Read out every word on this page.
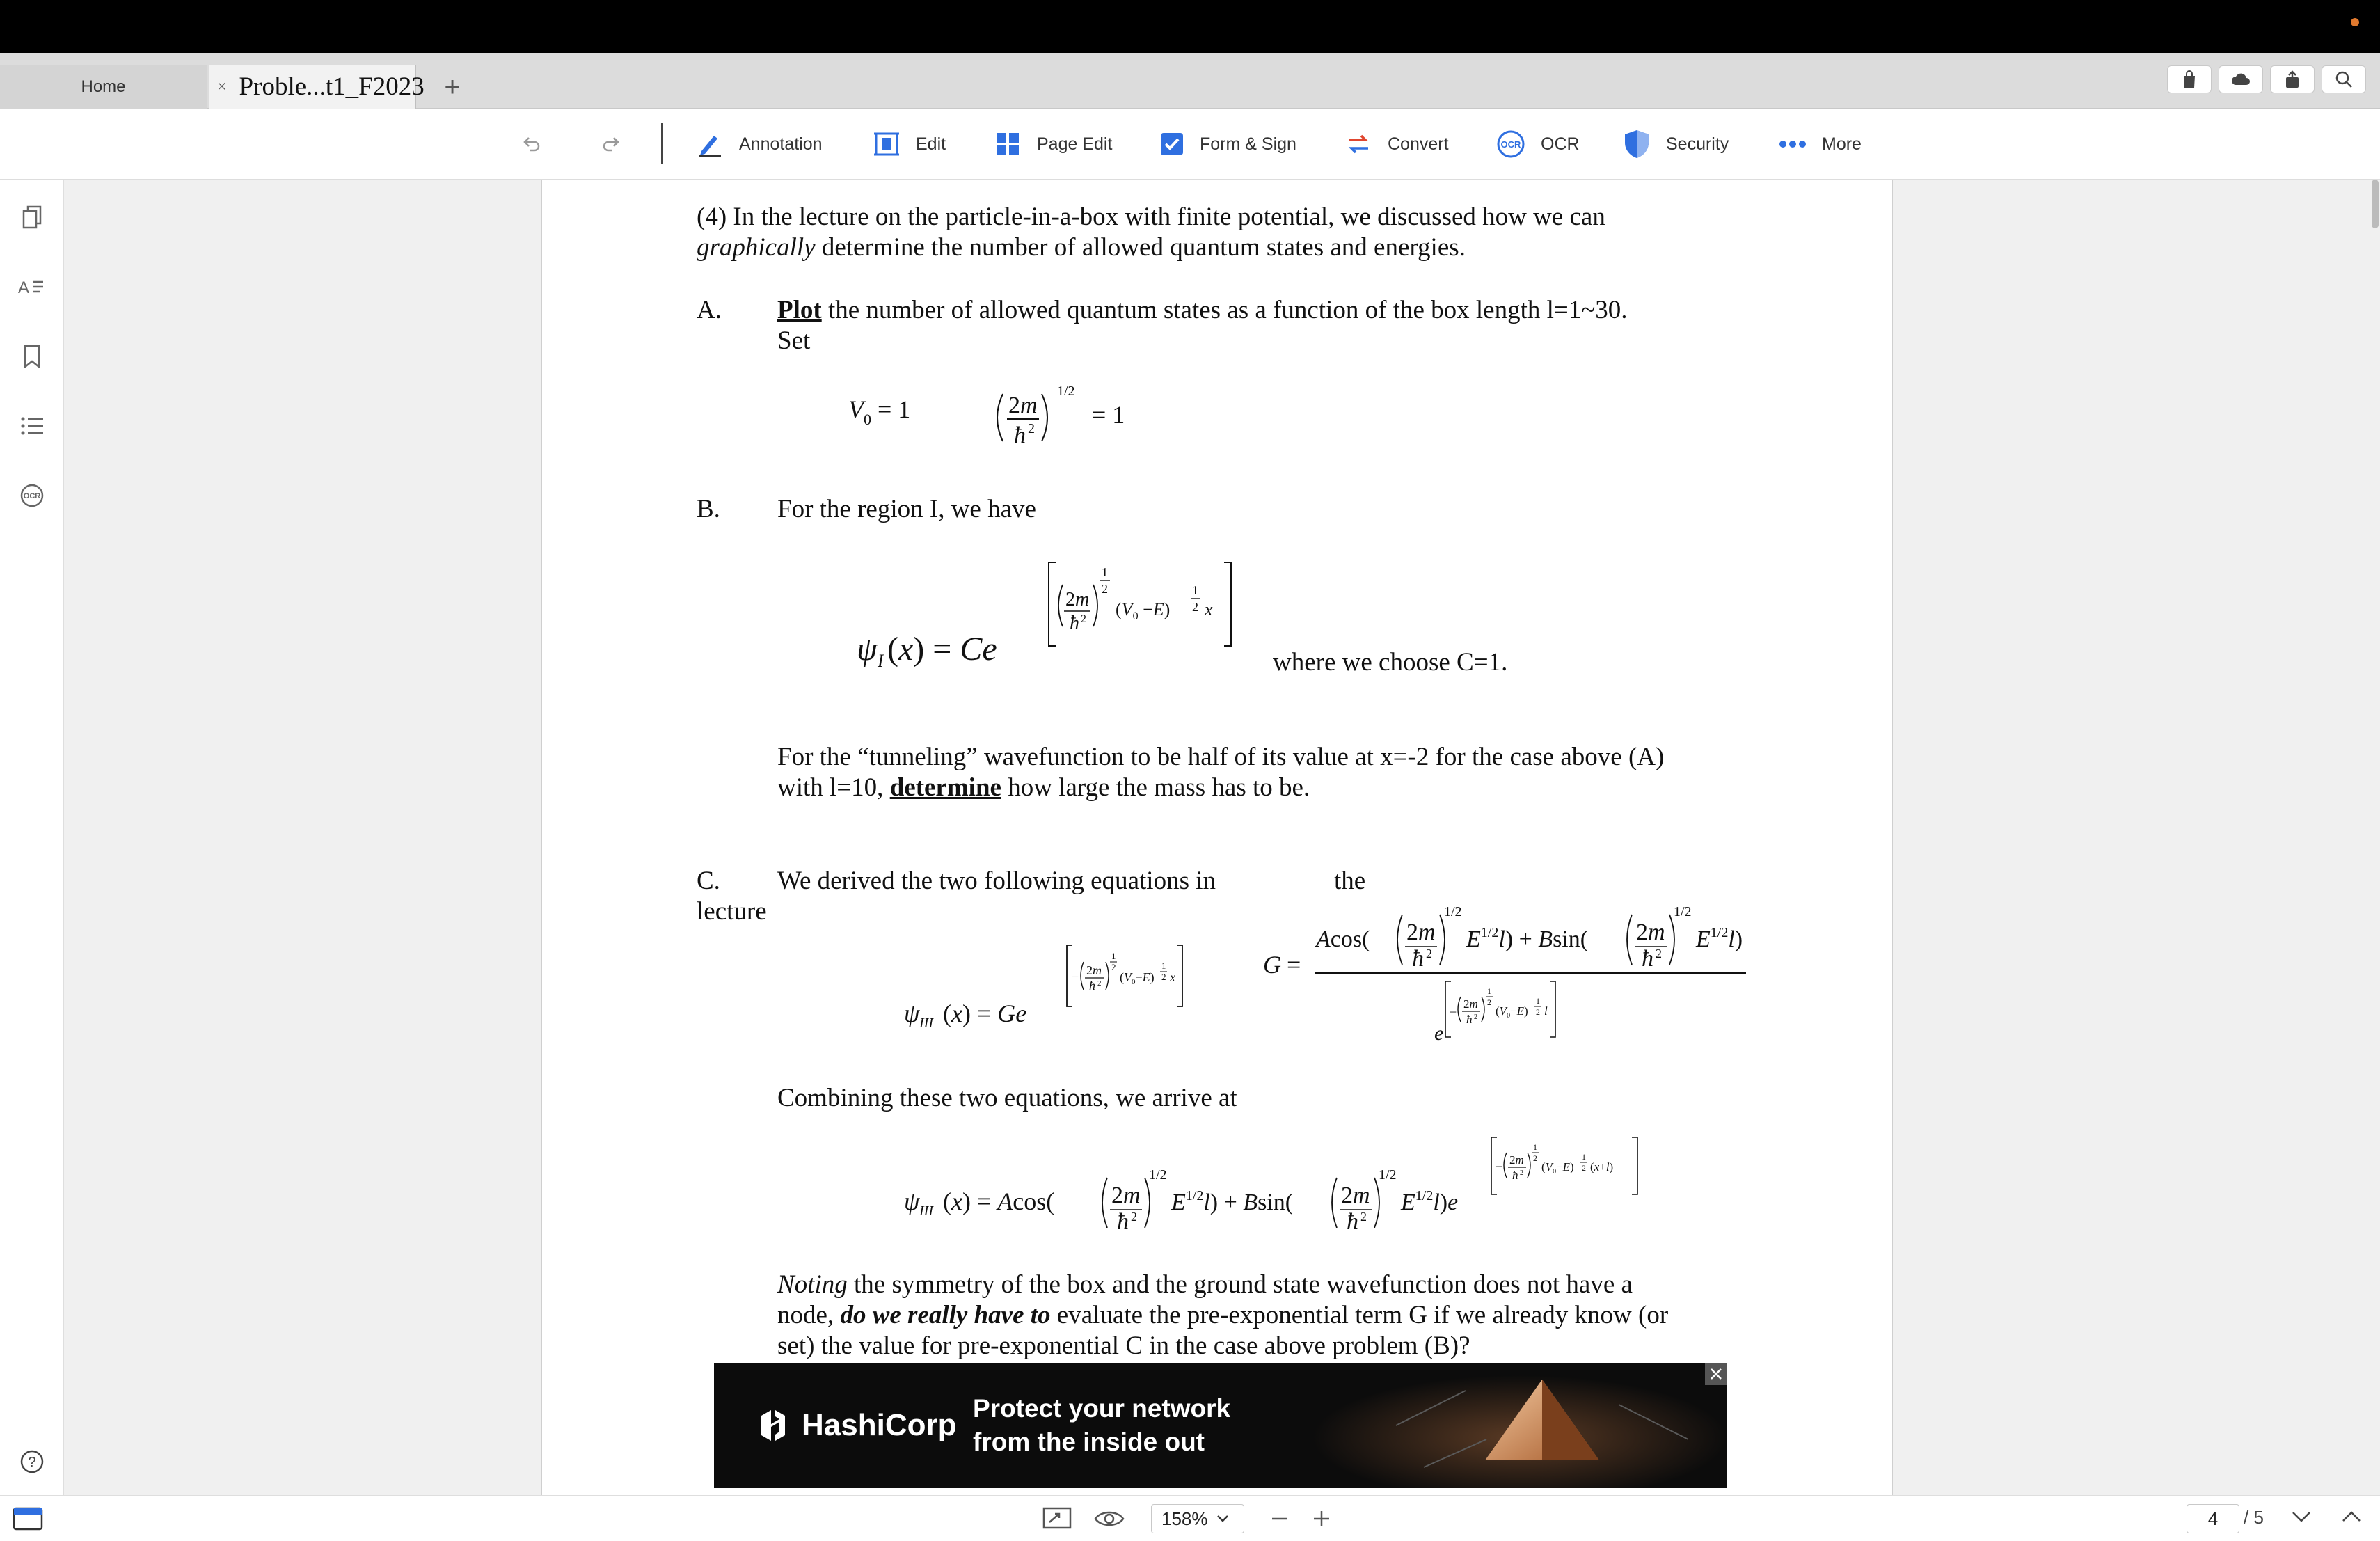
Home	× Proble...t1_F2023 +
Annotation	Edit	Page Edit	Form & Sign	Convert	OCR OCR	Security	More
A
OCR
?
(4) In the lecture on the particle-in-a-box with finite potential, we discussed how we can
graphically determine the number of allowed quantum states and energies.
A. Plot the number of allowed quantum states as a function of the box length l=1~30.
Set
V 0 = 1	2m
ħ 2
1/2
= 1
B. For the region I, we have
ψ I (x) = Ce
2m
ħ 2
1
2
$(V_0 -E)$
1
2 x
where we choose C=1.
For the “tunneling” wavefunction to be half of its value at x=-2 for the case above (A)
with l=10, determine how large the mass has to be.
C. We derived the two following equations in	the
lecture
ψ III (x) = Ge
− 2m
ħ 2
1
2
$(V_0-E)$
1
2 x	G =
Acos( 2m
ħ 2
1/2
$E^{1/2}l) + Bsin$( 2m
ħ 2
1/2
$E^{1/2}l$)
e
−
2m
ħ 2
1
2
$(V_0-E)$
1
2 l
Combining these two equations, we arrive at
ψ III (x) = Acos( 2m
ħ 2
1/2
$E^{1/2}l) + Bsin$( 2m
ħ 2
1/2
$E^{1/2}l)e$
− 2m
ħ 2
1
2
$(V_0-E)$
1
2 (x+l)
Noting the symmetry of the box and the ground state wavefunction does not have a
node, do we really have to evaluate the pre-exponential term G if we already know (or
set) the value for pre-exponential C in the case above problem (B)?
HashiCorp Protect your network
from the inside out
158%	4	/ 5
